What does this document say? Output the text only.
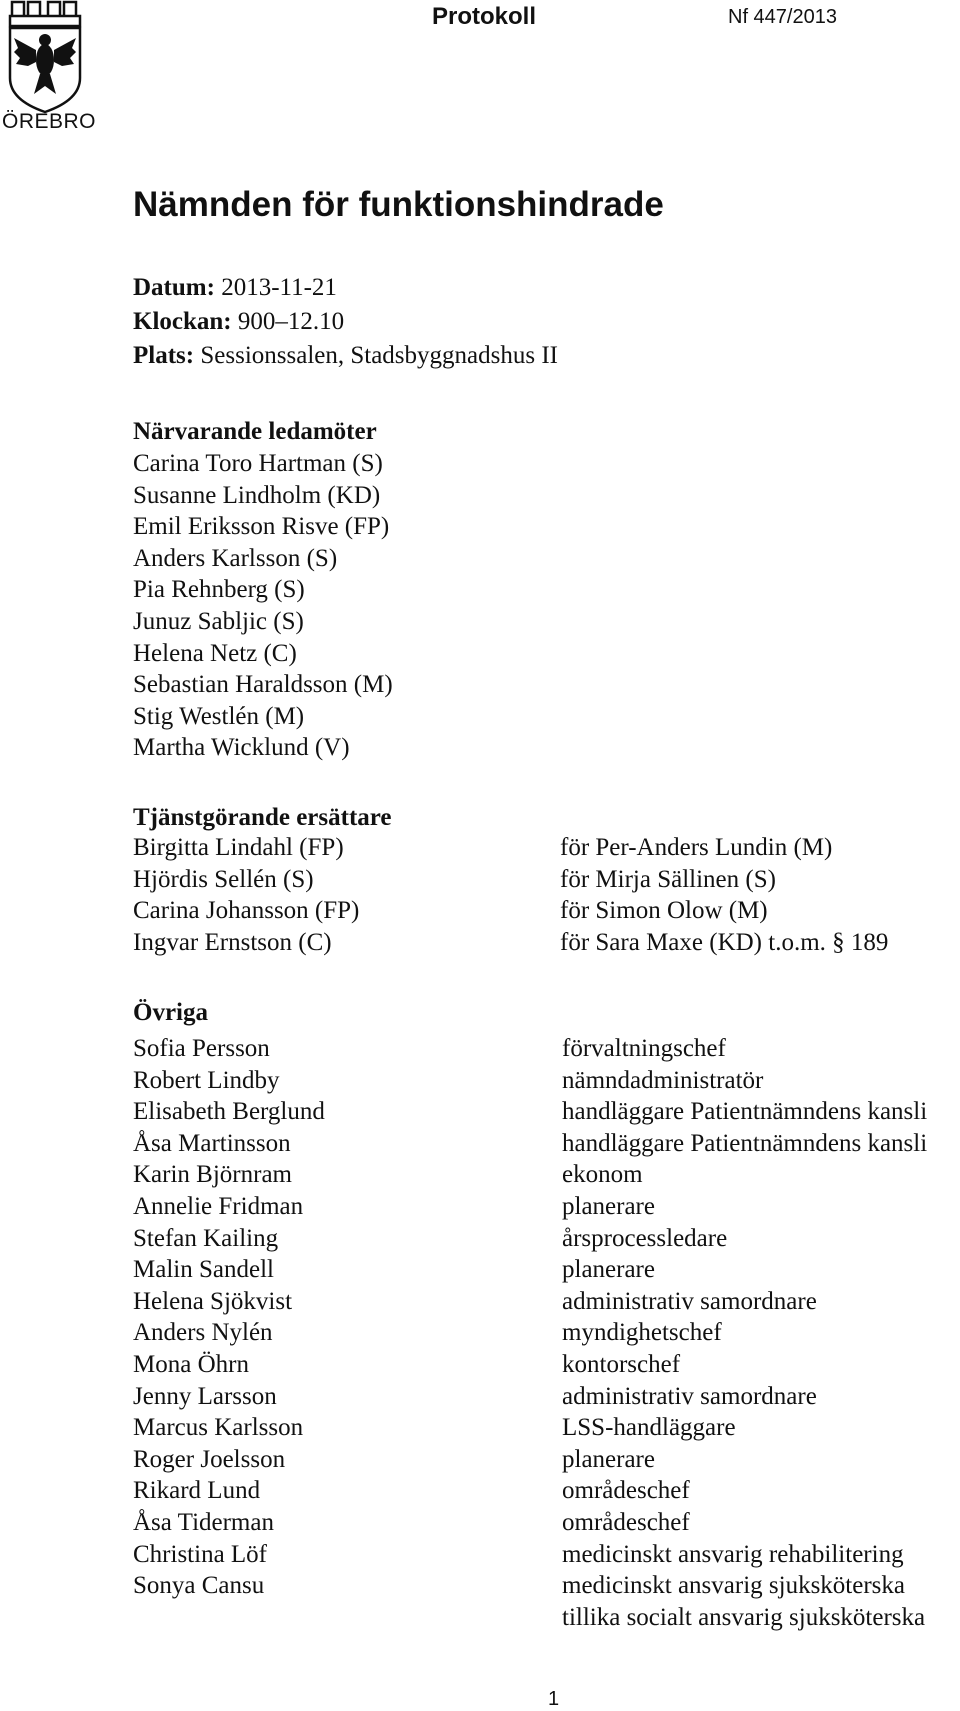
ÖREBRO
Protokoll	Nf 447/2013
Nämnden för funktionshindrade
Datum: 2013-11-21
Klockan: 900–12.10
Plats: Sessionssalen, Stadsbyggnadshus II
Närvarande ledamöter
Carina Toro Hartman (S)
Susanne Lindholm (KD)
Emil Eriksson Risve (FP)
Anders Karlsson (S)
Pia Rehnberg (S)
Junuz Sabljic (S)
Helena Netz (C)
Sebastian Haraldsson (M)
Stig Westlén (M)
Martha Wicklund (V)
Tjänstgörande ersättare
Birgitta Lindahl (FP)	för Per-Anders Lundin (M)
Hjördis Sellén (S)	för Mirja Sällinen (S)
Carina Johansson (FP)	för Simon Olow (M)
Ingvar Ernstson (C)	för Sara Maxe (KD) t.o.m. § 189
Övriga
Sofia Persson	förvaltningschef
Robert Lindby	nämndadministratör
Elisabeth Berglund	handläggare Patientnämndens kansli
Åsa Martinsson	handläggare Patientnämndens kansli
Karin Björnram	ekonom
Annelie Fridman	planerare
Stefan Kailing	årsprocessledare
Malin Sandell	planerare
Helena Sjökvist	administrativ samordnare
Anders Nylén	myndighetschef
Mona Öhrn	kontorschef
Jenny Larsson	administrativ samordnare
Marcus Karlsson	LSS-handläggare
Roger Joelsson	planerare
Rikard Lund	områdeschef
Åsa Tiderman	områdeschef
Christina Löf	medicinskt ansvarig rehabilitering
Sonya Cansu	medicinskt ansvarig sjuksköterska
tillika socialt ansvarig sjuksköterska
1
